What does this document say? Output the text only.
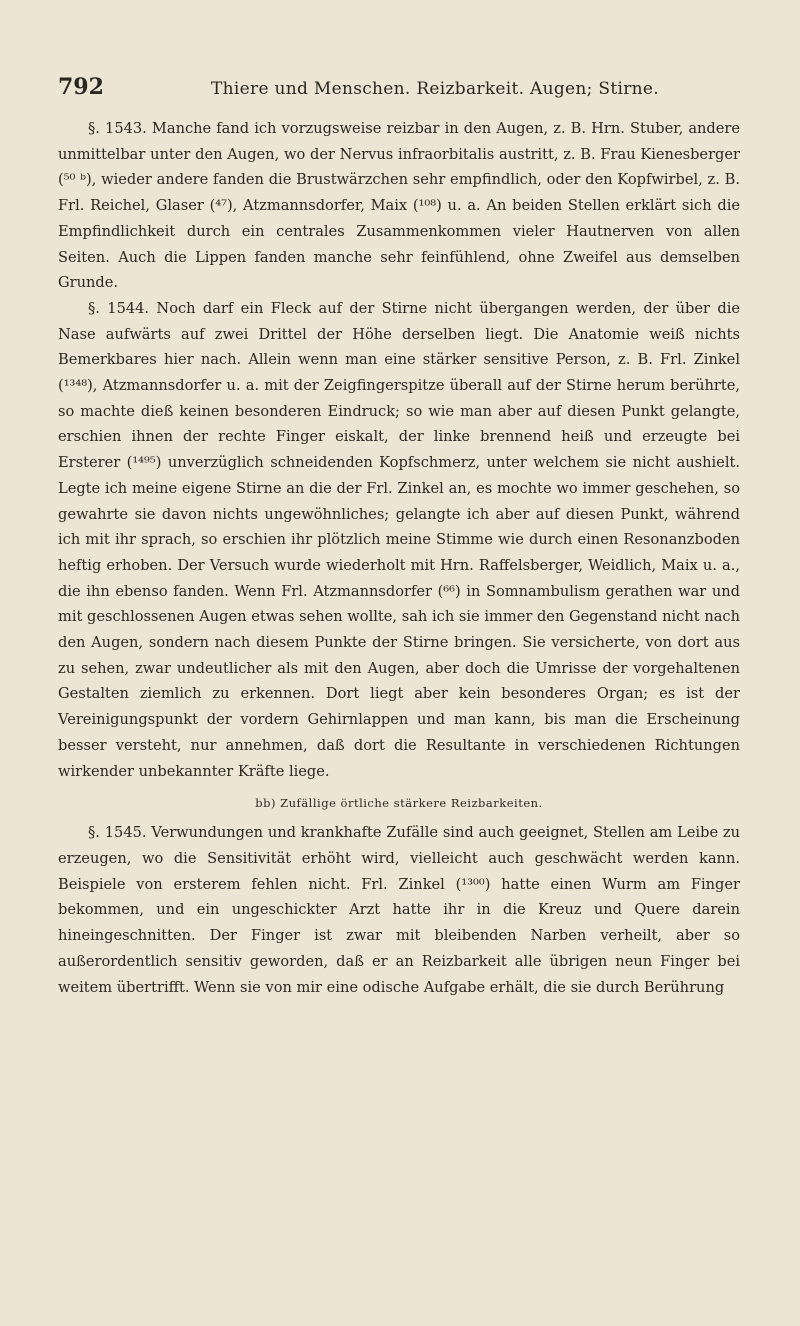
792	Thiere und Menschen. Reizbarkeit. Augen; Stirne.

§. 1543. Manche fand ich vorzugsweise reizbar in den Augen, z. B. Hrn. Stuber, andere unmittelbar unter den Augen, wo der Nervus infraorbitalis austritt, z. B. Frau Kienesberger (⁵⁰ ᵇ), wieder andere fanden die Brustwärzchen sehr empfindlich, oder den Kopfwirbel, z. B. Frl. Reichel, Glaser (⁴⁷), Atzmannsdorfer, Maix (¹⁰⁸) u. a. An beiden Stellen erklärt sich die Empfindlichkeit durch ein centrales Zusammenkommen vieler Hautnerven von allen Seiten. Auch die Lippen fanden manche sehr feinfühlend, ohne Zweifel aus demselben Grunde.

§. 1544. Noch darf ein Fleck auf der Stirne nicht übergangen werden, der über die Nase aufwärts auf zwei Drittel der Höhe derselben liegt. Die Anatomie weiß nichts Bemerkbares hier nach. Allein wenn man eine stärker sensitive Person, z. B. Frl. Zinkel (¹³⁴⁸), Atzmannsdorfer u. a. mit der Zeigfingerspitze überall auf der Stirne herum berührte, so machte dieß keinen besonderen Eindruck; so wie man aber auf diesen Punkt gelangte, erschien ihnen der rechte Finger eiskalt, der linke brennend heiß und erzeugte bei Ersterer (¹⁴⁹⁵) unverzüglich schneidenden Kopfschmerz, unter welchem sie nicht aushielt. Legte ich meine eigene Stirne an die der Frl. Zinkel an, es mochte wo immer geschehen, so gewahrte sie davon nichts ungewöhnliches; gelangte ich aber auf diesen Punkt, während ich mit ihr sprach, so erschien ihr plötzlich meine Stimme wie durch einen Resonanzboden heftig erhoben. Der Versuch wurde wiederholt mit Hrn. Raffelsberger, Weidlich, Maix u. a., die ihn ebenso fanden. Wenn Frl. Atzmannsdorfer (⁶⁶) in Somnambulism gerathen war und mit geschlossenen Augen etwas sehen wollte, sah ich sie immer den Gegenstand nicht nach den Augen, sondern nach diesem Punkte der Stirne bringen. Sie versicherte, von dort aus zu sehen, zwar undeutlicher als mit den Augen, aber doch die Umrisse der vorgehaltenen Gestalten ziemlich zu erkennen. Dort liegt aber kein besonderes Organ; es ist der Vereinigungspunkt der vordern Gehirnlappen und man kann, bis man die Erscheinung besser versteht, nur annehmen, daß dort die Resultante in verschiedenen Richtungen wirkender unbekannter Kräfte liege.

bb) Zufällige örtliche stärkere Reizbarkeiten.

§. 1545. Verwundungen und krankhafte Zufälle sind auch geeignet, Stellen am Leibe zu erzeugen, wo die Sensitivität erhöht wird, vielleicht auch geschwächt werden kann. Beispiele von ersterem fehlen nicht. Frl. Zinkel (¹³⁰⁰) hatte einen Wurm am Finger bekommen, und ein ungeschickter Arzt hatte ihr in die Kreuz und Quere darein hineingeschnitten. Der Finger ist zwar mit bleibenden Narben verheilt, aber so außerordentlich sensitiv geworden, daß er an Reizbarkeit alle übrigen neun Finger bei weitem übertrifft. Wenn sie von mir eine odische Aufgabe erhält, die sie durch Berührung
